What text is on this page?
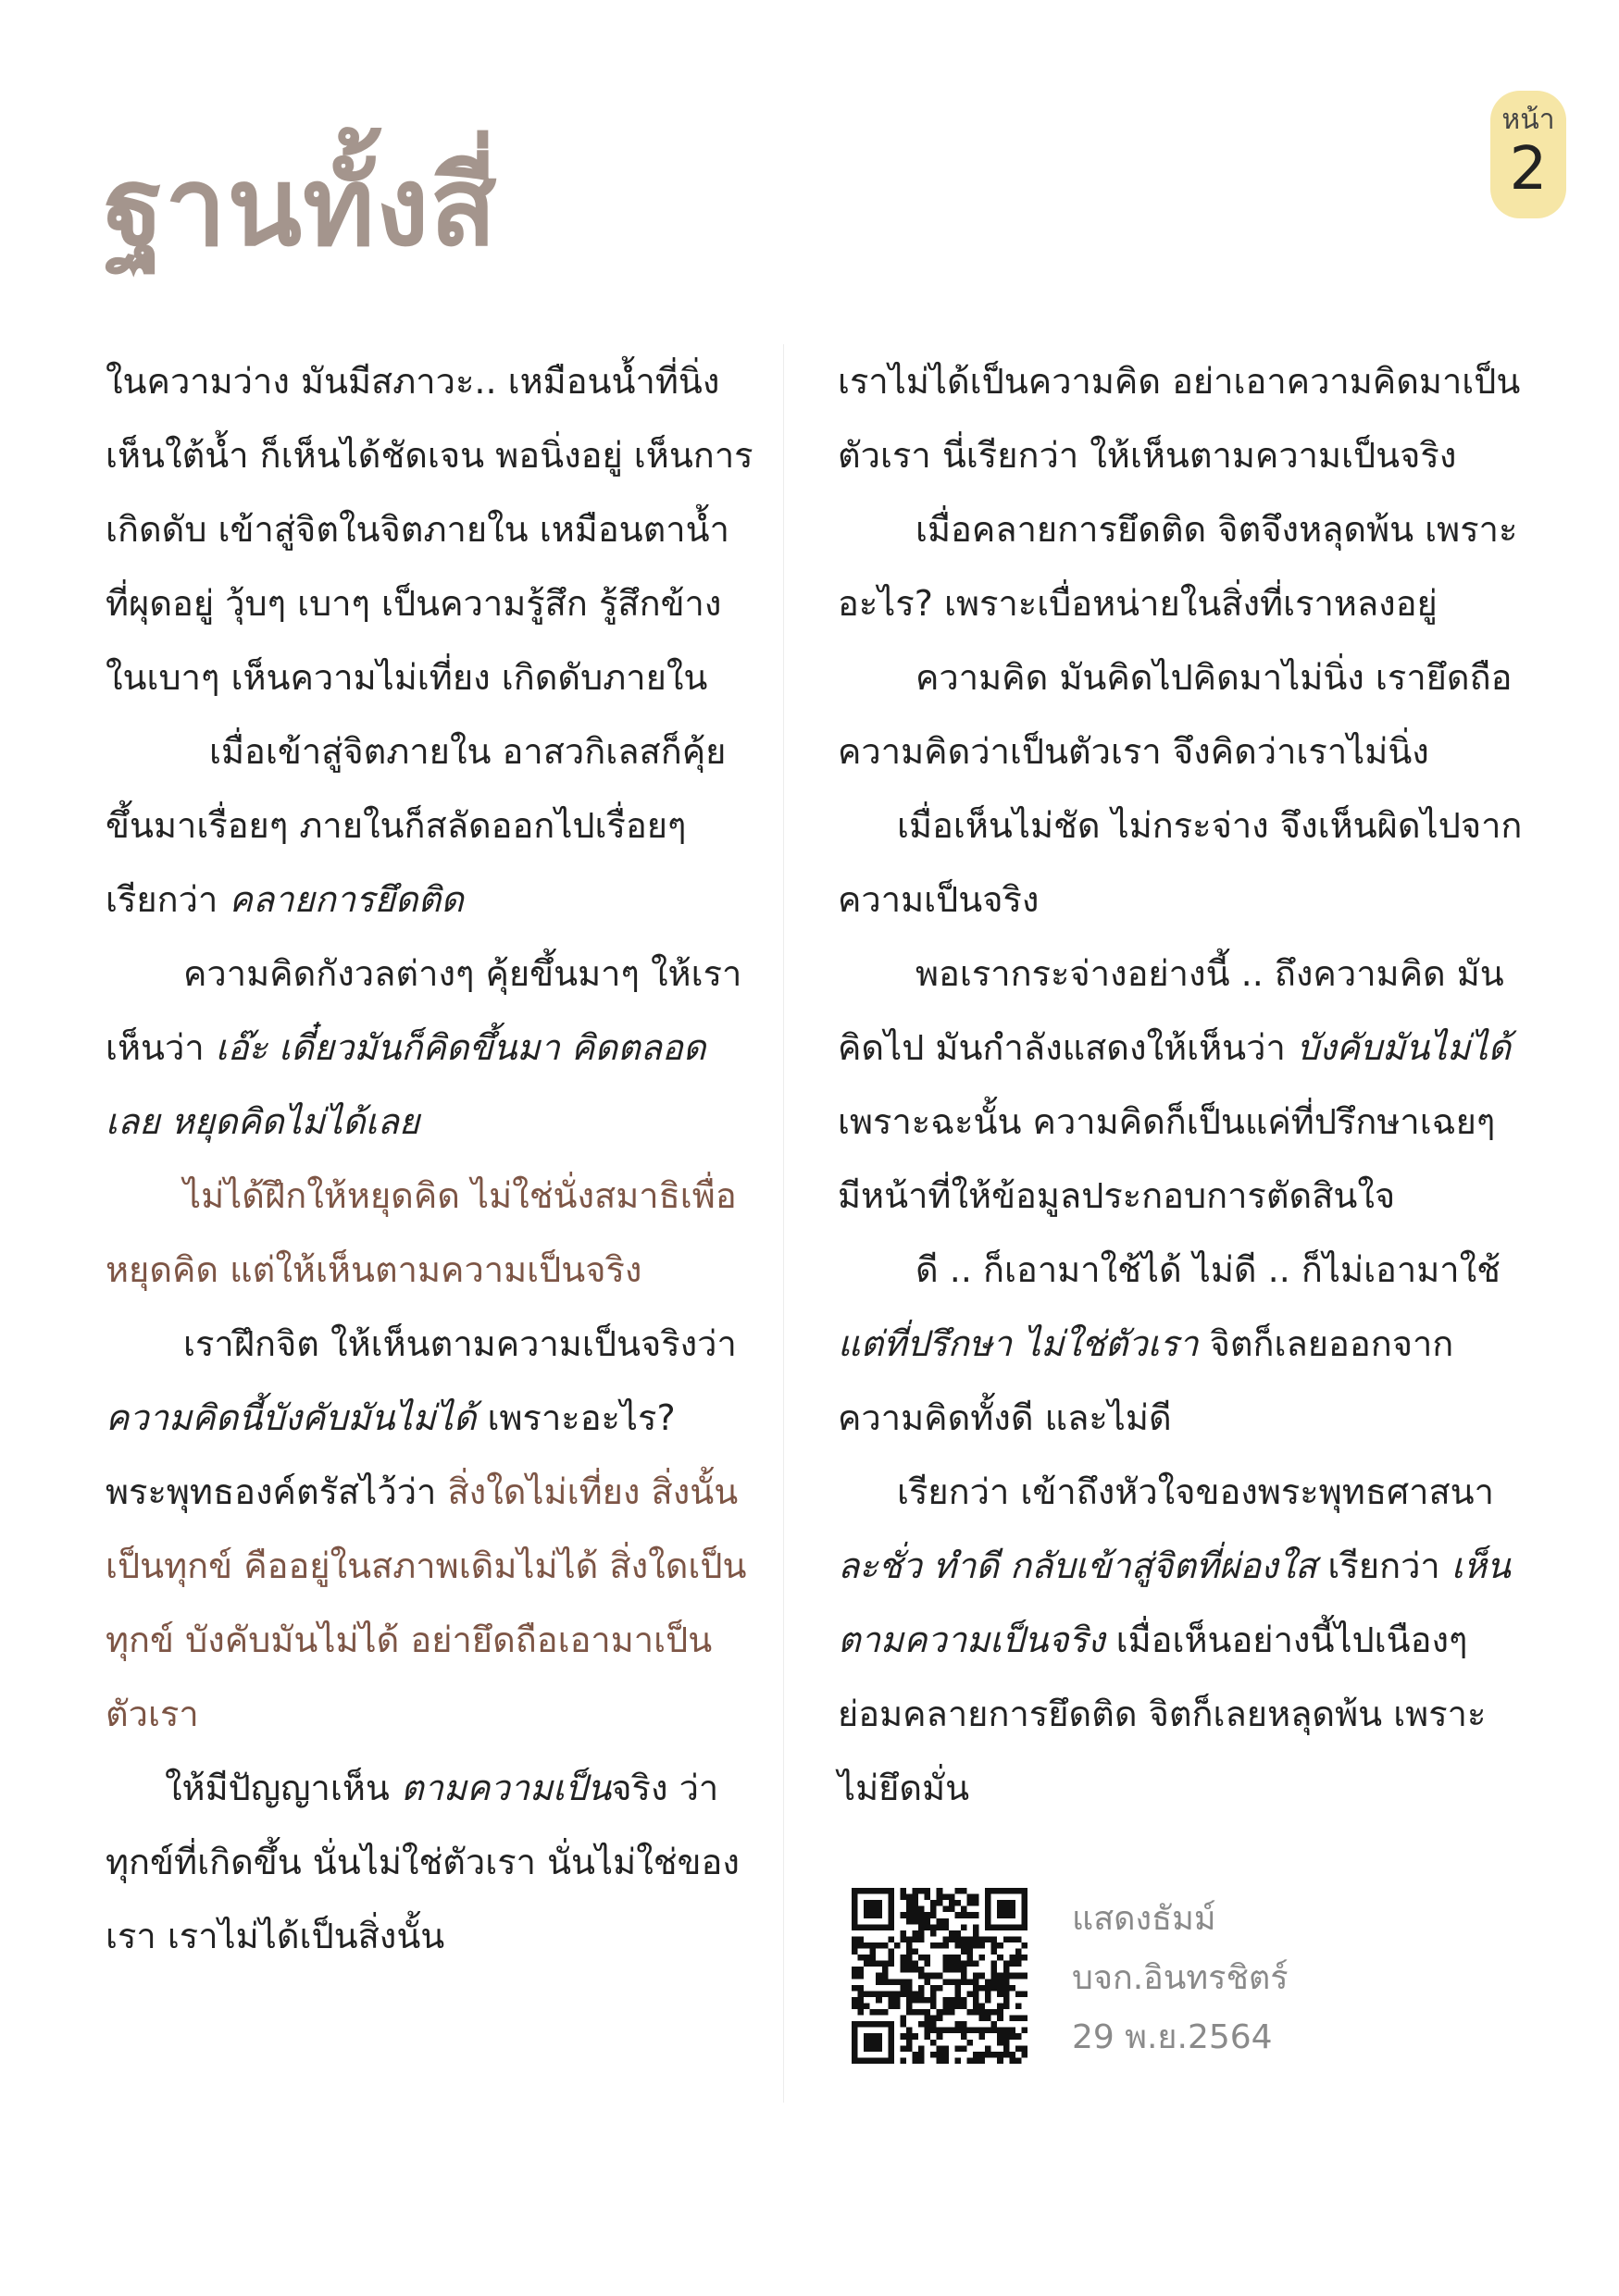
ฐานทั้งสี่
หน้า
2
ในความว่าง มันมีสภาวะ.. เหมือนน้ำที่นิ่ง
เห็นใต้น้ำ ก็เห็นได้ชัดเจน พอนิ่งอยู่ เห็นการ
เกิดดับ เข้าสู่จิตในจิตภายใน เหมือนตาน้ำ
ที่ผุดอยู่ วุ้บๆ เบาๆ เป็นความรู้สึก รู้สึกข้าง
ในเบาๆ เห็นความไม่เที่ยง เกิดดับภายใน
เมื่อเข้าสู่จิตภายใน อาสวกิเลสก็คุ้ย
ขึ้นมาเรื่อยๆ ภายในก็สลัดออกไปเรื่อยๆ
เรียกว่า คลายการยึดติด
ความคิดกังวลต่างๆ คุ้ยขึ้นมาๆ ให้เรา
เห็นว่า เอ๊ะ เดี๋ยวมันก็คิดขึ้นมา คิดตลอด
เลย หยุดคิดไม่ได้เลย
ไม่ได้ฝึกให้หยุดคิด ไม่ใช่นั่งสมาธิเพื่อ
หยุดคิด แต่ให้เห็นตามความเป็นจริง
เราฝึกจิต ให้เห็นตามความเป็นจริงว่า
ความคิดนี้บังคับมันไม่ได้ เพราะอะไร?
พระพุทธองค์ตรัสไว้ว่า สิ่งใดไม่เที่ยง สิ่งนั้น
เป็นทุกข์ คืออยู่ในสภาพเดิมไม่ได้ สิ่งใดเป็น
ทุกข์ บังคับมันไม่ได้ อย่ายึดถือเอามาเป็น
ตัวเรา
ให้มีปัญญาเห็น ตามความเป็นจริง ว่า
ทุกข์ที่เกิดขึ้น นั่นไม่ใช่ตัวเรา นั่นไม่ใช่ของ
เรา เราไม่ได้เป็นสิ่งนั้น
เราไม่ได้เป็นความคิด อย่าเอาความคิดมาเป็น
ตัวเรา นี่เรียกว่า ให้เห็นตามความเป็นจริง
เมื่อคลายการยึดติด จิตจึงหลุดพ้น เพราะ
อะไร? เพราะเบื่อหน่ายในสิ่งที่เราหลงอยู่
ความคิด มันคิดไปคิดมาไม่นิ่ง เรายึดถือ
ความคิดว่าเป็นตัวเรา จึงคิดว่าเราไม่นิ่ง
เมื่อเห็นไม่ชัด ไม่กระจ่าง จึงเห็นผิดไปจาก
ความเป็นจริง
พอเรากระจ่างอย่างนี้ .. ถึงความคิด มัน
คิดไป มันกำลังแสดงให้เห็นว่า บังคับมันไม่ได้
เพราะฉะนั้น ความคิดก็เป็นแค่ที่ปรึกษาเฉยๆ
มีหน้าที่ให้ข้อมูลประกอบการตัดสินใจ
ดี .. ก็เอามาใช้ได้ ไม่ดี .. ก็ไม่เอามาใช้
แต่ที่ปรึกษา ไม่ใช่ตัวเรา จิตก็เลยออกจาก
ความคิดทั้งดี และไม่ดี
เรียกว่า เข้าถึงหัวใจของพระพุทธศาสนา
ละชั่ว ทำดี กลับเข้าสู่จิตที่ผ่องใส เรียกว่า เห็น
ตามความเป็นจริง เมื่อเห็นอย่างนี้ไปเนืองๆ
ย่อมคลายการยึดติด จิตก็เลยหลุดพ้น เพราะ
ไม่ยึดมั่น
แสดงธัมม์
บจก.อินทรชิตร์
29 พ.ย.2564
